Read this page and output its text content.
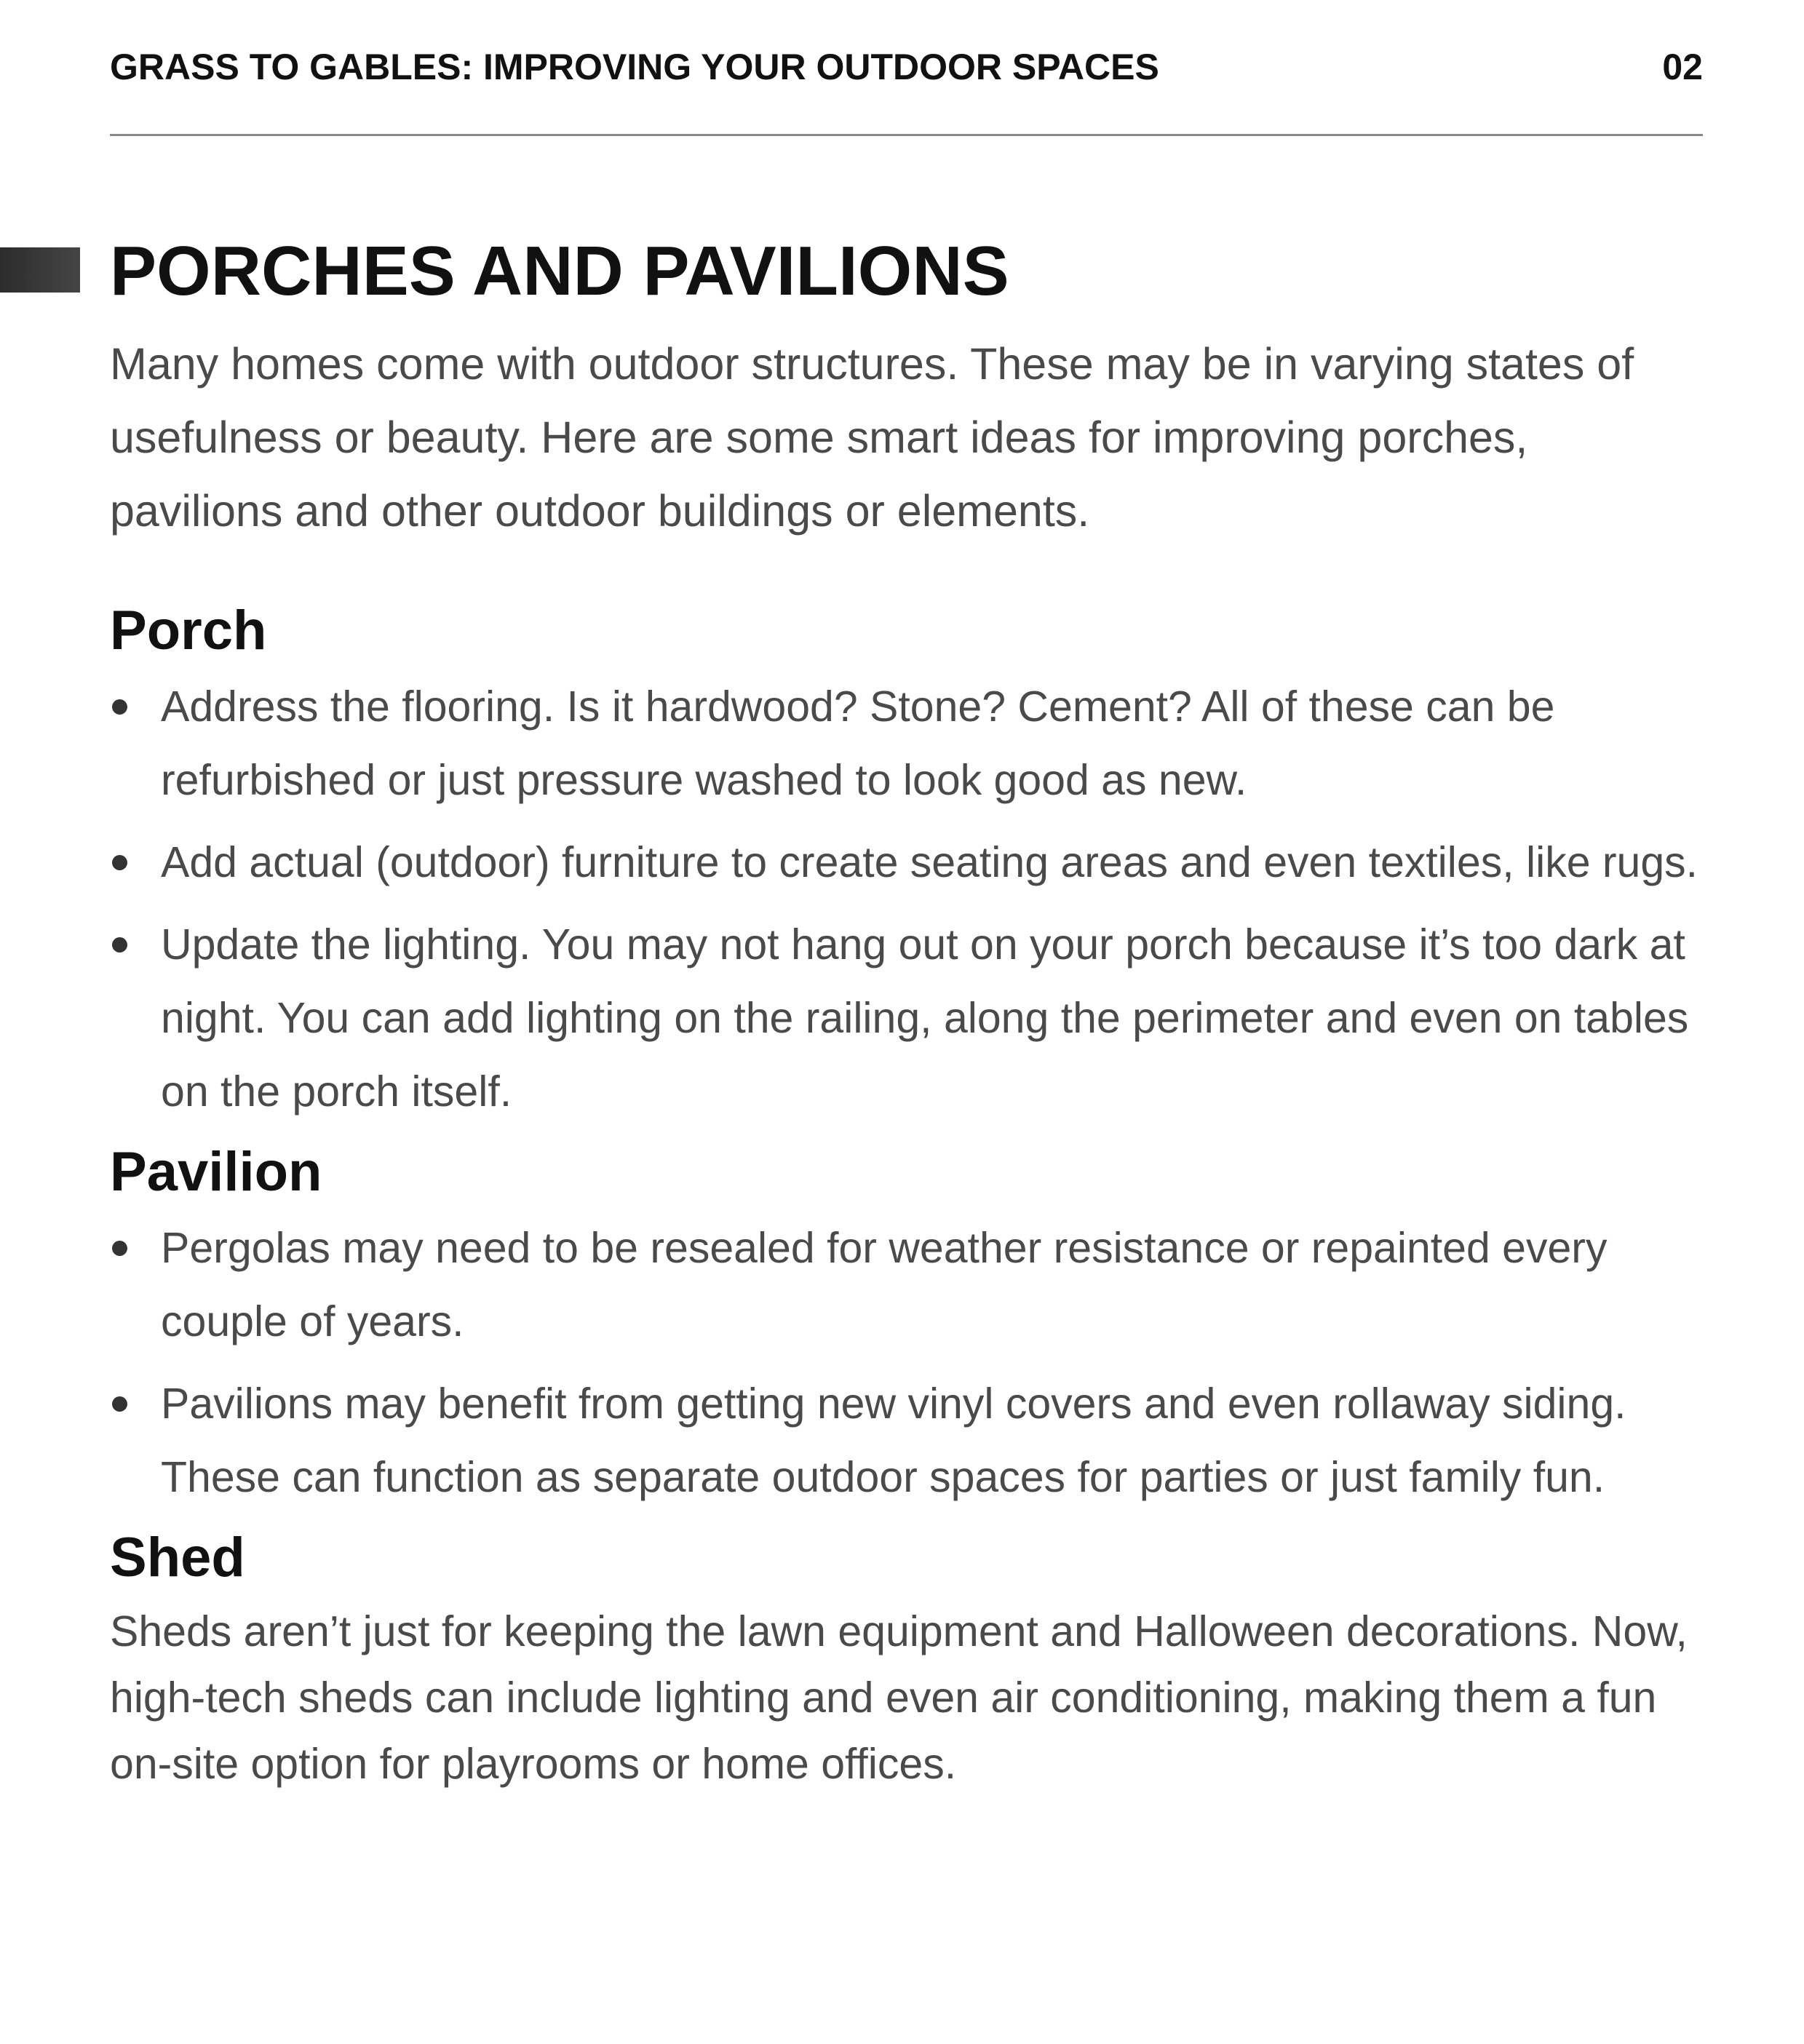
GRASS TO GABLES: IMPROVING YOUR OUTDOOR SPACES	02
PORCHES AND PAVILIONS

Many homes come with outdoor structures. These may be in varying states of usefulness or beauty. Here are some smart ideas for improving porches, pavilions and other outdoor buildings or elements.

Porch
Address the flooring. Is it hardwood? Stone? Cement? All of these can be refurbished or just pressure washed to look good as new.
Add actual (outdoor) furniture to create seating areas and even textiles, like rugs.
Update the lighting. You may not hang out on your porch because it’s too dark at night. You can add lighting on the railing, along the perimeter and even on tables on the porch itself.
Pavilion
Pergolas may need to be resealed for weather resistance or repainted every couple of years.
Pavilions may benefit from getting new vinyl covers and even rollaway siding. These can function as separate outdoor spaces for parties or just family fun.
Shed

Sheds aren’t just for keeping the lawn equipment and Halloween decorations. Now, high-tech sheds can include lighting and even air conditioning, making them a fun on-site option for playrooms or home offices.
